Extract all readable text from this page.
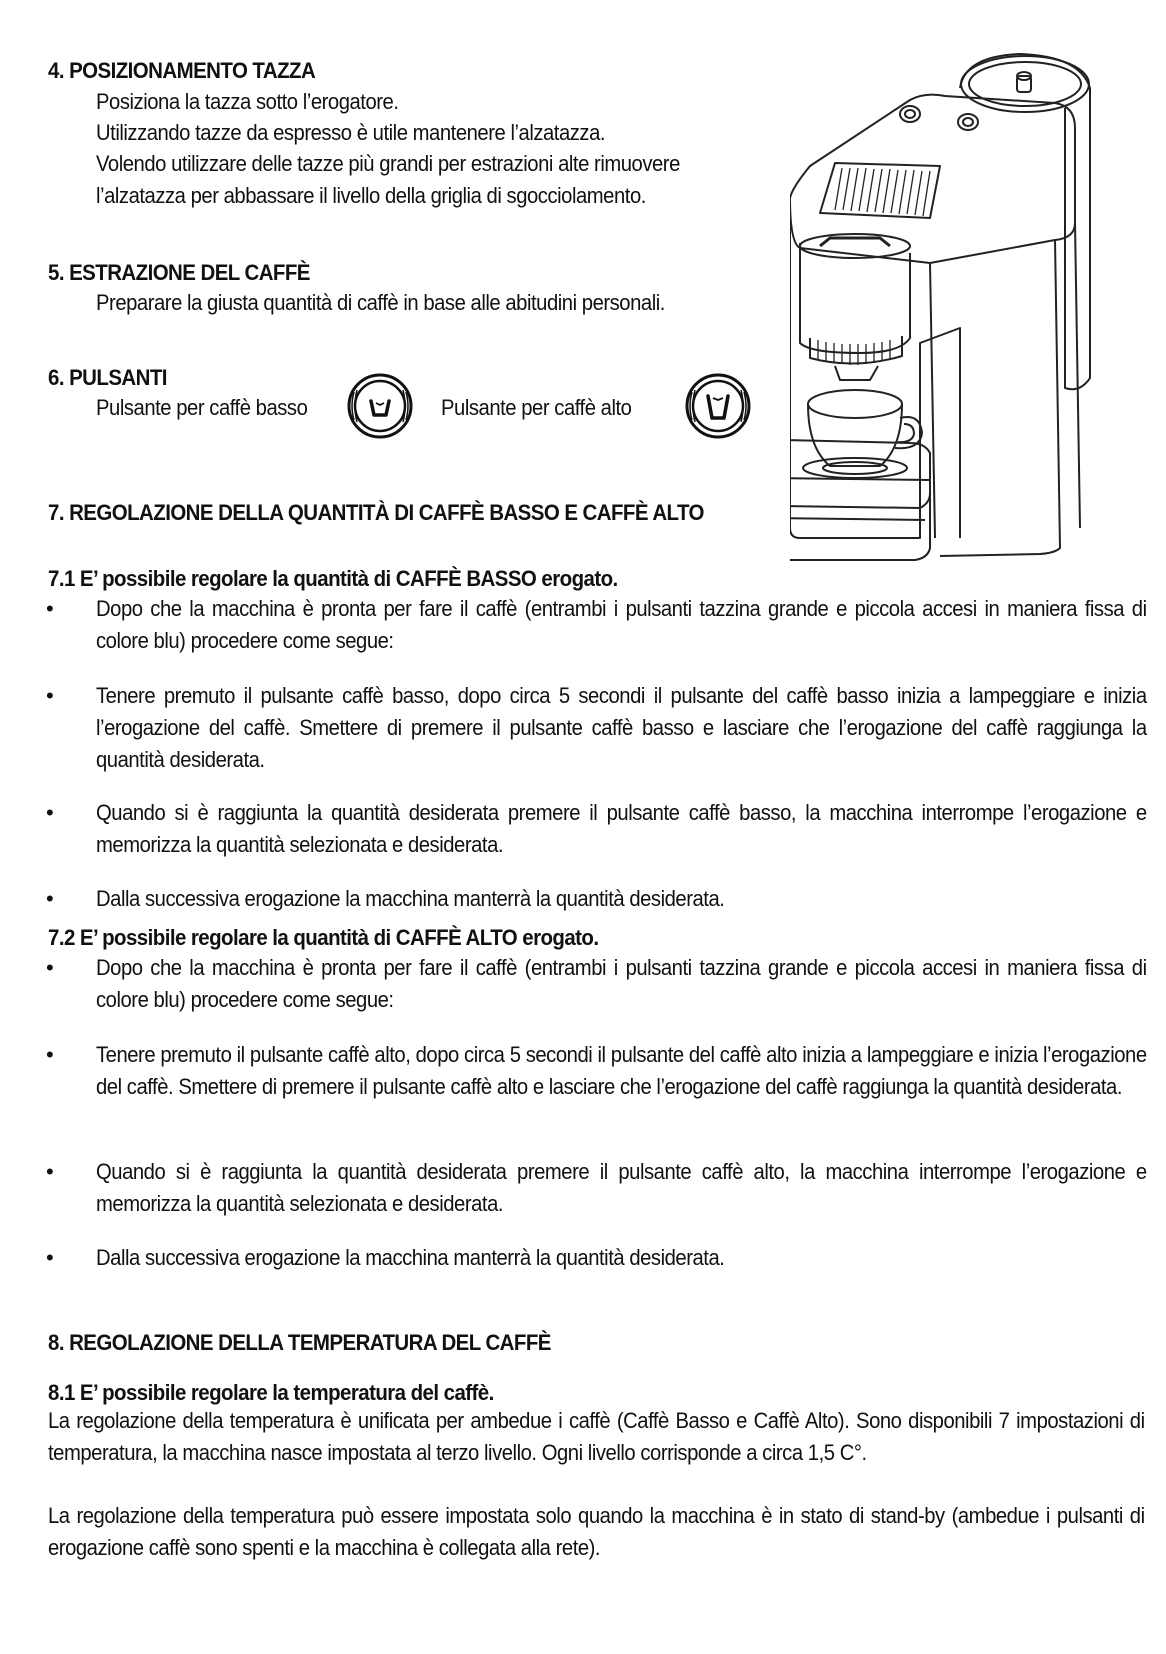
4. POSIZIONAMENTO TAZZA
Posiziona la tazza sotto l’erogatore.
Utilizzando tazze da espresso è utile mantenere l’alzatazza.
Volendo utilizzare delle tazze più grandi per estrazioni alte rimuovere
l’alzatazza per abbassare il livello della griglia di sgocciolamento.
5. ESTRAZIONE DEL CAFFÈ
Preparare la giusta quantità di caffè in base alle abitudini personali.
6. PULSANTI
Pulsante per caffè basso	Pulsante per caffè alto
7. REGOLAZIONE DELLA QUANTITÀ DI CAFFÈ BASSO E CAFFÈ ALTO
7.1 E’ possibile regolare la quantità di CAFFÈ BASSO erogato.
• Dopo che la macchina è pronta per fare il caffè (entrambi i pulsanti tazzina grande e piccola accesi in maniera fissa di colore blu) procedere come segue:
• Tenere premuto il pulsante caffè basso, dopo circa 5 secondi il pulsante del caffè basso inizia a lampeggiare e inizia l’erogazione del caffè. Smettere di premere il pulsante caffè basso e lasciare che l’erogazione del caffè raggiunga la quantità desiderata.
• Quando si è raggiunta la quantità desiderata premere il pulsante caffè basso, la macchina interrompe l’erogazione e memorizza la quantità selezionata e desiderata.
• Dalla successiva erogazione la macchina manterrà la quantità desiderata.
7.2 E’ possibile regolare la quantità di CAFFÈ ALTO erogato.
• Dopo che la macchina è pronta per fare il caffè (entrambi i pulsanti tazzina grande e piccola accesi in maniera fissa di colore blu) procedere come segue:
• Tenere premuto il pulsante caffè alto, dopo circa 5 secondi il pulsante del caffè alto inizia a lampeggiare e inizia l’erogazione del caffè. Smettere di premere il pulsante caffè alto e lasciare che l’erogazione del caffè raggiunga la quantità desiderata.
• Quando si è raggiunta la quantità desiderata premere il pulsante caffè alto, la macchina interrompe l’erogazione e memorizza la quantità selezionata e desiderata.
• Dalla successiva erogazione la macchina manterrà la quantità desiderata.
8. REGOLAZIONE DELLA TEMPERATURA DEL CAFFÈ
8.1 E’ possibile regolare la temperatura del caffè.
La regolazione della temperatura è unificata per ambedue i caffè (Caffè Basso e Caffè Alto). Sono disponibili 7 impostazioni di temperatura, la macchina nasce impostata al terzo livello. Ogni livello corrisponde a circa 1,5 C°.
La regolazione della temperatura può essere impostata solo quando la macchina è in stato di stand-by (ambedue i pulsanti di erogazione caffè sono spenti e la macchina è collegata alla rete).
